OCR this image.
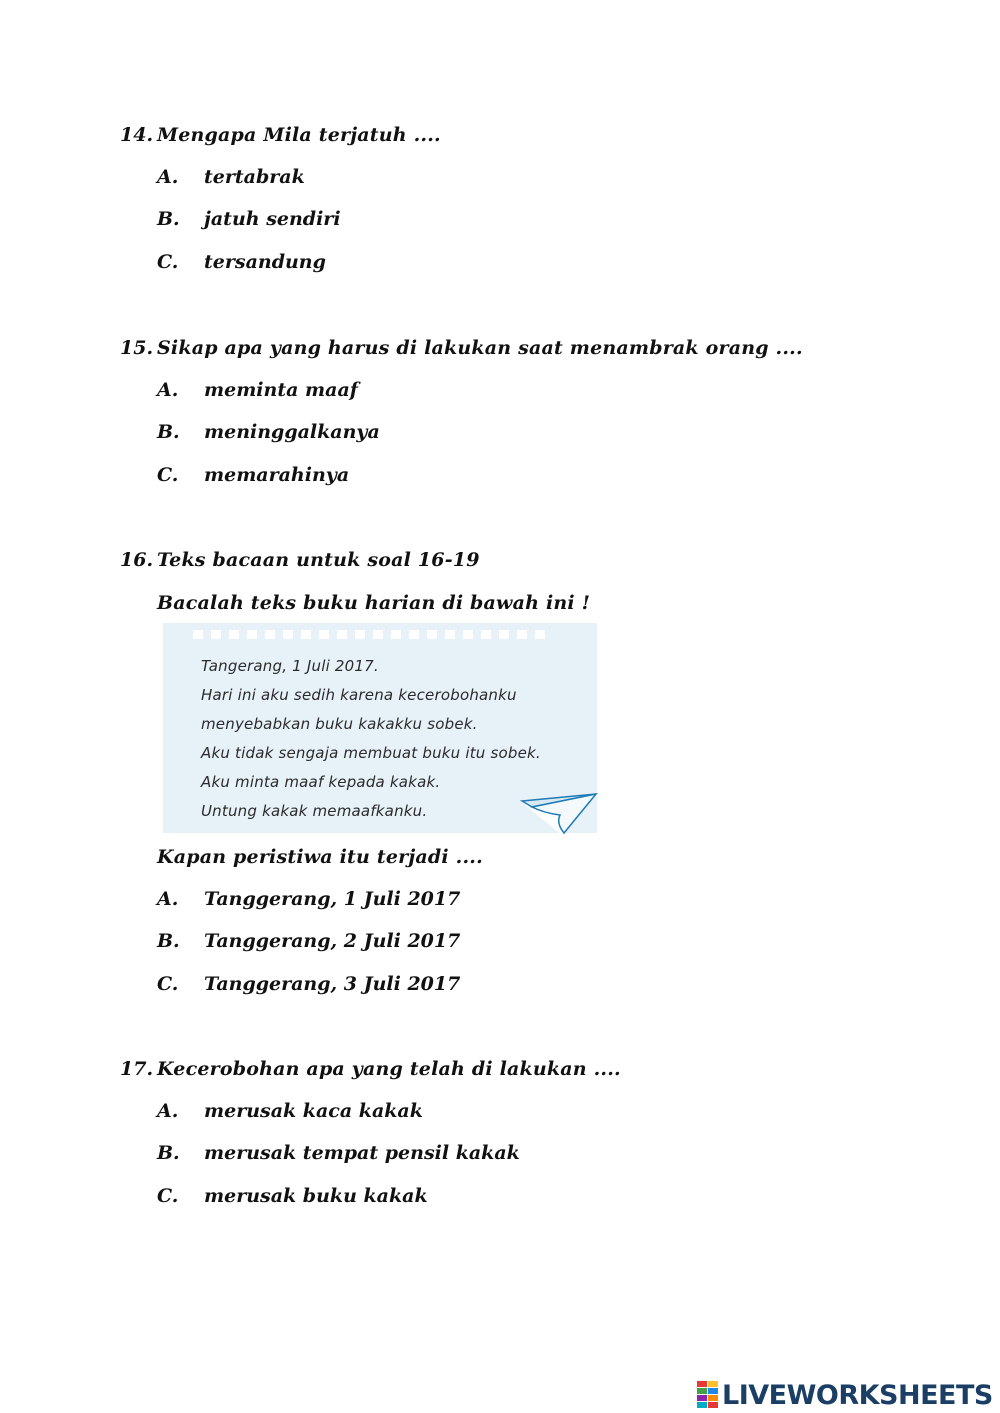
14. Mengapa Mila terjatuh ....
A. tertabrak
B. jatuh sendiri
C. tersandung
15. Sikap apa yang harus di lakukan saat menambrak orang ....
A. meminta maaf
B. meninggalkanya
C. memarahinya
16. Teks bacaan untuk soal 16-19
Bacalah teks buku harian di bawah ini !
Tangerang, 1 Juli 2017.
Hari ini aku sedih karena kecerobohanku
menyebabkan buku kakakku sobek.
Aku tidak sengaja membuat buku itu sobek.
Aku minta maaf kepada kakak.
Untung kakak memaafkanku.
Kapan peristiwa itu terjadi ....
A. Tanggerang, 1 Juli 2017
B. Tanggerang, 2 Juli 2017
C. Tanggerang, 3 Juli 2017
17. Kecerobohan apa yang telah di lakukan ....
A. merusak kaca kakak
B. merusak tempat pensil kakak
C. merusak buku kakak
LIVEWORKSHEETS
